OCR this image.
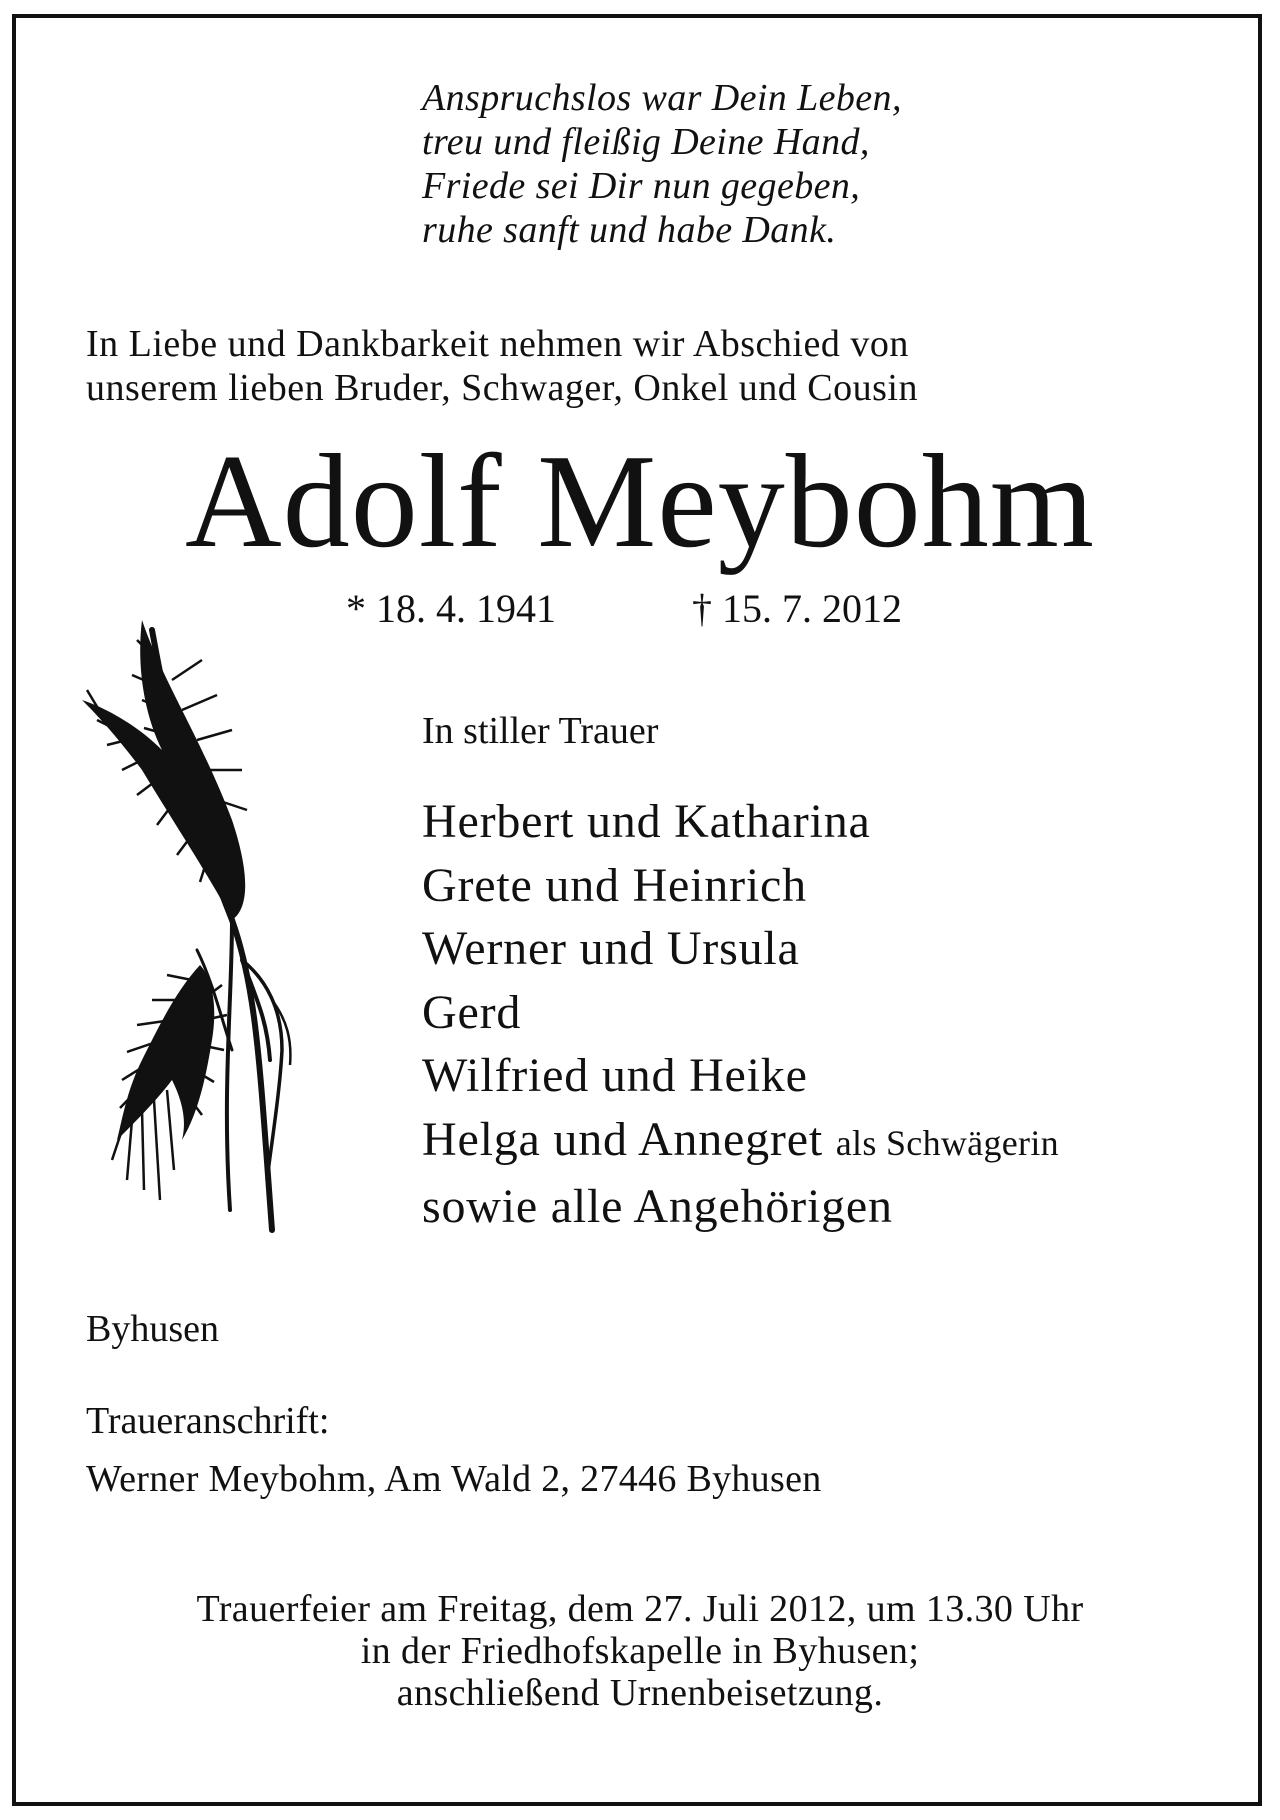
Anspruchslos war Dein Leben,
treu und fleißig Deine Hand,
Friede sei Dir nun gegeben,
ruhe sanft und habe Dank.
In Liebe und Dankbarkeit nehmen wir Abschied von
unserem lieben Bruder, Schwager, Onkel und Cousin
Adolf Meybohm
* 18. 4. 1941	† 15. 7. 2012
In stiller Trauer
Herbert und Katharina
Grete und Heinrich
Werner und Ursula
Gerd
Wilfried und Heike
Helga und Annegret als Schwägerin
sowie alle Angehörigen
Byhusen
Traueranschrift:
Werner Meybohm, Am Wald 2, 27446 Byhusen
Trauerfeier am Freitag, dem 27. Juli 2012, um 13.30 Uhr
in der Friedhofskapelle in Byhusen;
anschließend Urnenbeisetzung.
